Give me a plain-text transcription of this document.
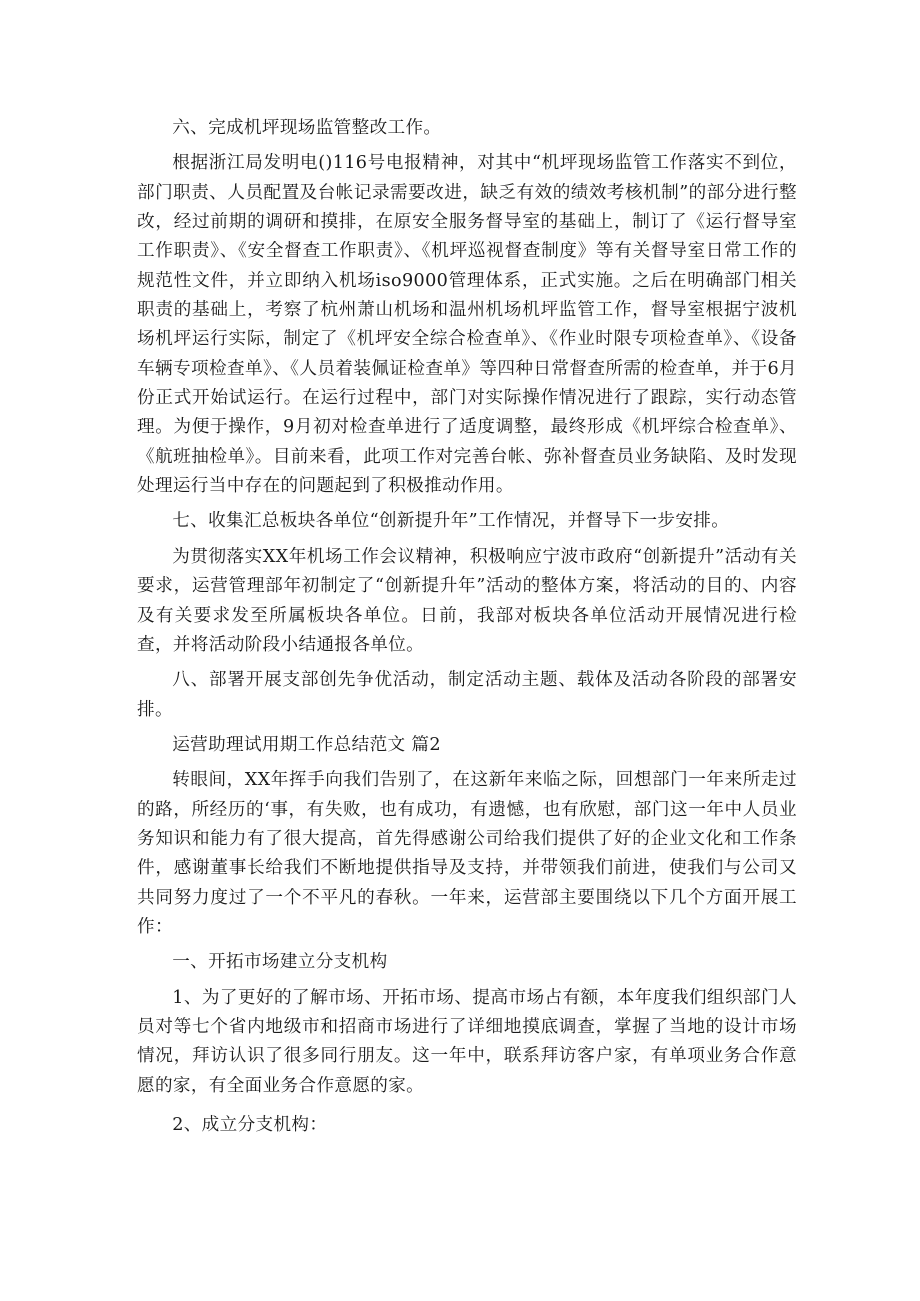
六、完成机坪现场监管整改工作。

根据浙江局发明电()116号电报精神，对其中“机坪现场监管工作落实不到位，部门职责、人员配置及台帐记录需要改进，缺乏有效的绩效考核机制”的部分进行整改，经过前期的调研和摸排，在原安全服务督导室的基础上，制订了《运行督导室工作职责》、《安全督查工作职责》、《机坪巡视督查制度》等有关督导室日常工作的规范性文件，并立即纳入机场iso9000管理体系，正式实施。之后在明确部门相关职责的基础上，考察了杭州萧山机场和温州机场机坪监管工作，督导室根据宁波机场机坪运行实际，制定了《机坪安全综合检查单》、《作业时限专项检查单》、《设备车辆专项检查单》、《人员着装佩证检查单》等四种日常督查所需的检查单，并于6月份正式开始试运行。在运行过程中，部门对实际操作情况进行了跟踪，实行动态管理。为便于操作，9月初对检查单进行了适度调整，最终形成《机坪综合检查单》、《航班抽检单》。目前来看，此项工作对完善台帐、弥补督查员业务缺陷、及时发现处理运行当中存在的问题起到了积极推动作用。

七、收集汇总板块各单位“创新提升年”工作情况，并督导下一步安排。

为贯彻落实XX年机场工作会议精神，积极响应宁波市政府“创新提升”活动有关要求，运营管理部年初制定了“创新提升年”活动的整体方案，将活动的目的、内容及有关要求发至所属板块各单位。日前，我部对板块各单位活动开展情况进行检查，并将活动阶段小结通报各单位。

八、部署开展支部创先争优活动，制定活动主题、载体及活动各阶段的部署安排。

运营助理试用期工作总结范文 篇2

转眼间，XX年挥手向我们告别了，在这新年来临之际，回想部门一年来所走过的路，所经历的‘事，有失败，也有成功，有遗憾，也有欣慰，部门这一年中人员业务知识和能力有了很大提高，首先得感谢公司给我们提供了好的企业文化和工作条件，感谢董事长给我们不断地提供指导及支持，并带领我们前进，使我们与公司又共同努力度过了一个不平凡的春秋。一年来，运营部主要围绕以下几个方面开展工作：

一、开拓市场建立分支机构

1、为了更好的了解市场、开拓市场、提高市场占有额，本年度我们组织部门人员对等七个省内地级市和招商市场进行了详细地摸底调查，掌握了当地的设计市场情况，拜访认识了很多同行朋友。这一年中，联系拜访客户家，有单项业务合作意愿的家，有全面业务合作意愿的家。

2、成立分支机构：
